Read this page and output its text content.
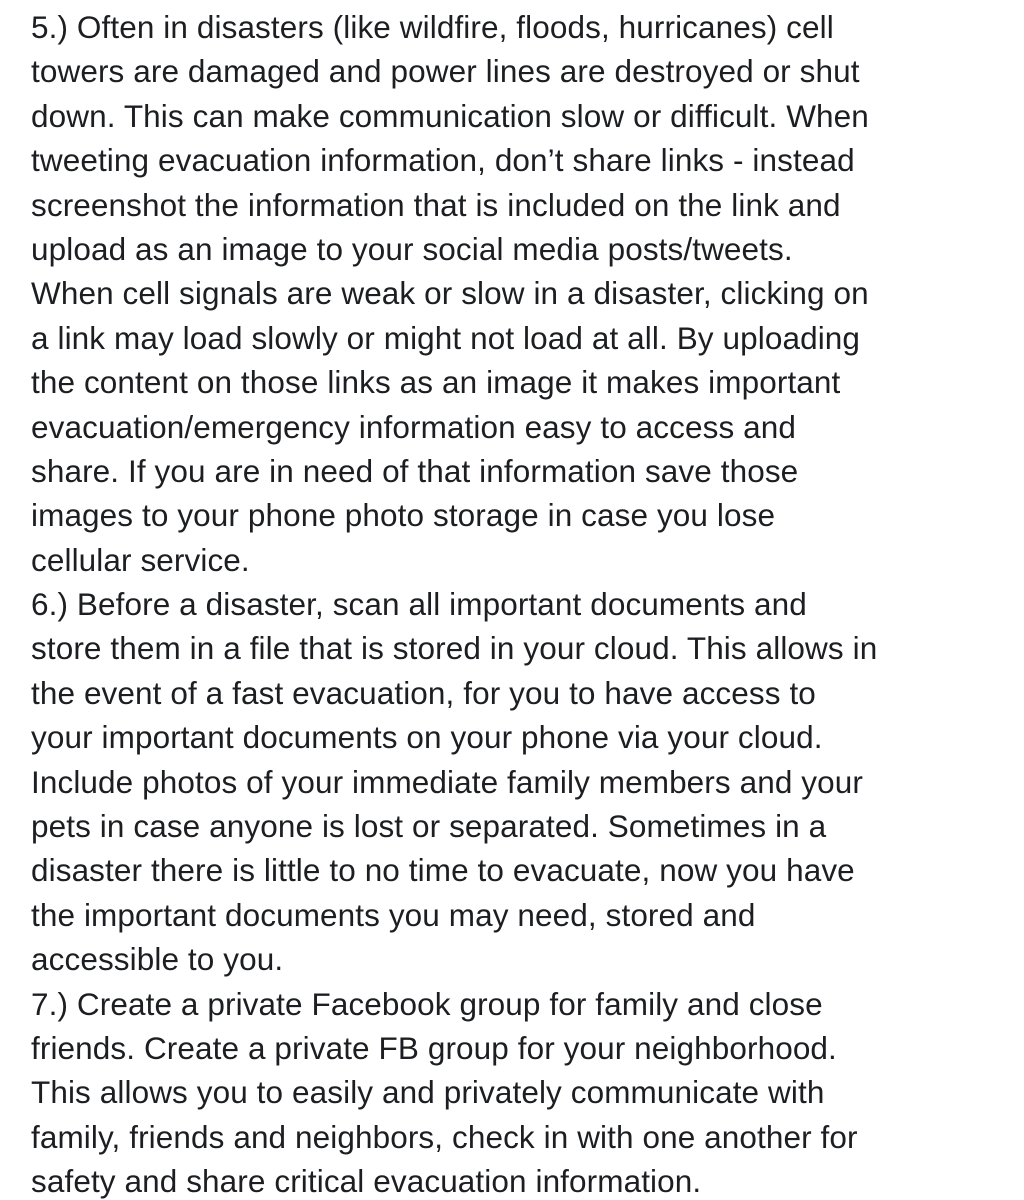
5.) Often in disasters (like wildfire, floods, hurricanes) cell
towers are damaged and power lines are destroyed or shut
down. This can make communication slow or difficult. When
tweeting evacuation information, don’t share links - instead
screenshot the information that is included on the link and
upload as an image to your social media posts/tweets.
When cell signals are weak or slow in a disaster, clicking on
a link may load slowly or might not load at all. By uploading
the content on those links as an image it makes important
evacuation/emergency information easy to access and
share. If you are in need of that information save those
images to your phone photo storage in case you lose
cellular service.
6.) Before a disaster, scan all important documents and
store them in a file that is stored in your cloud. This allows in
the event of a fast evacuation, for you to have access to
your important documents on your phone via your cloud.
Include photos of your immediate family members and your
pets in case anyone is lost or separated. Sometimes in a
disaster there is little to no time to evacuate, now you have
the important documents you may need, stored and
accessible to you.
7.) Create a private Facebook group for family and close
friends. Create a private FB group for your neighborhood.
This allows you to easily and privately communicate with
family, friends and neighbors, check in with one another for
safety and share critical evacuation information.
